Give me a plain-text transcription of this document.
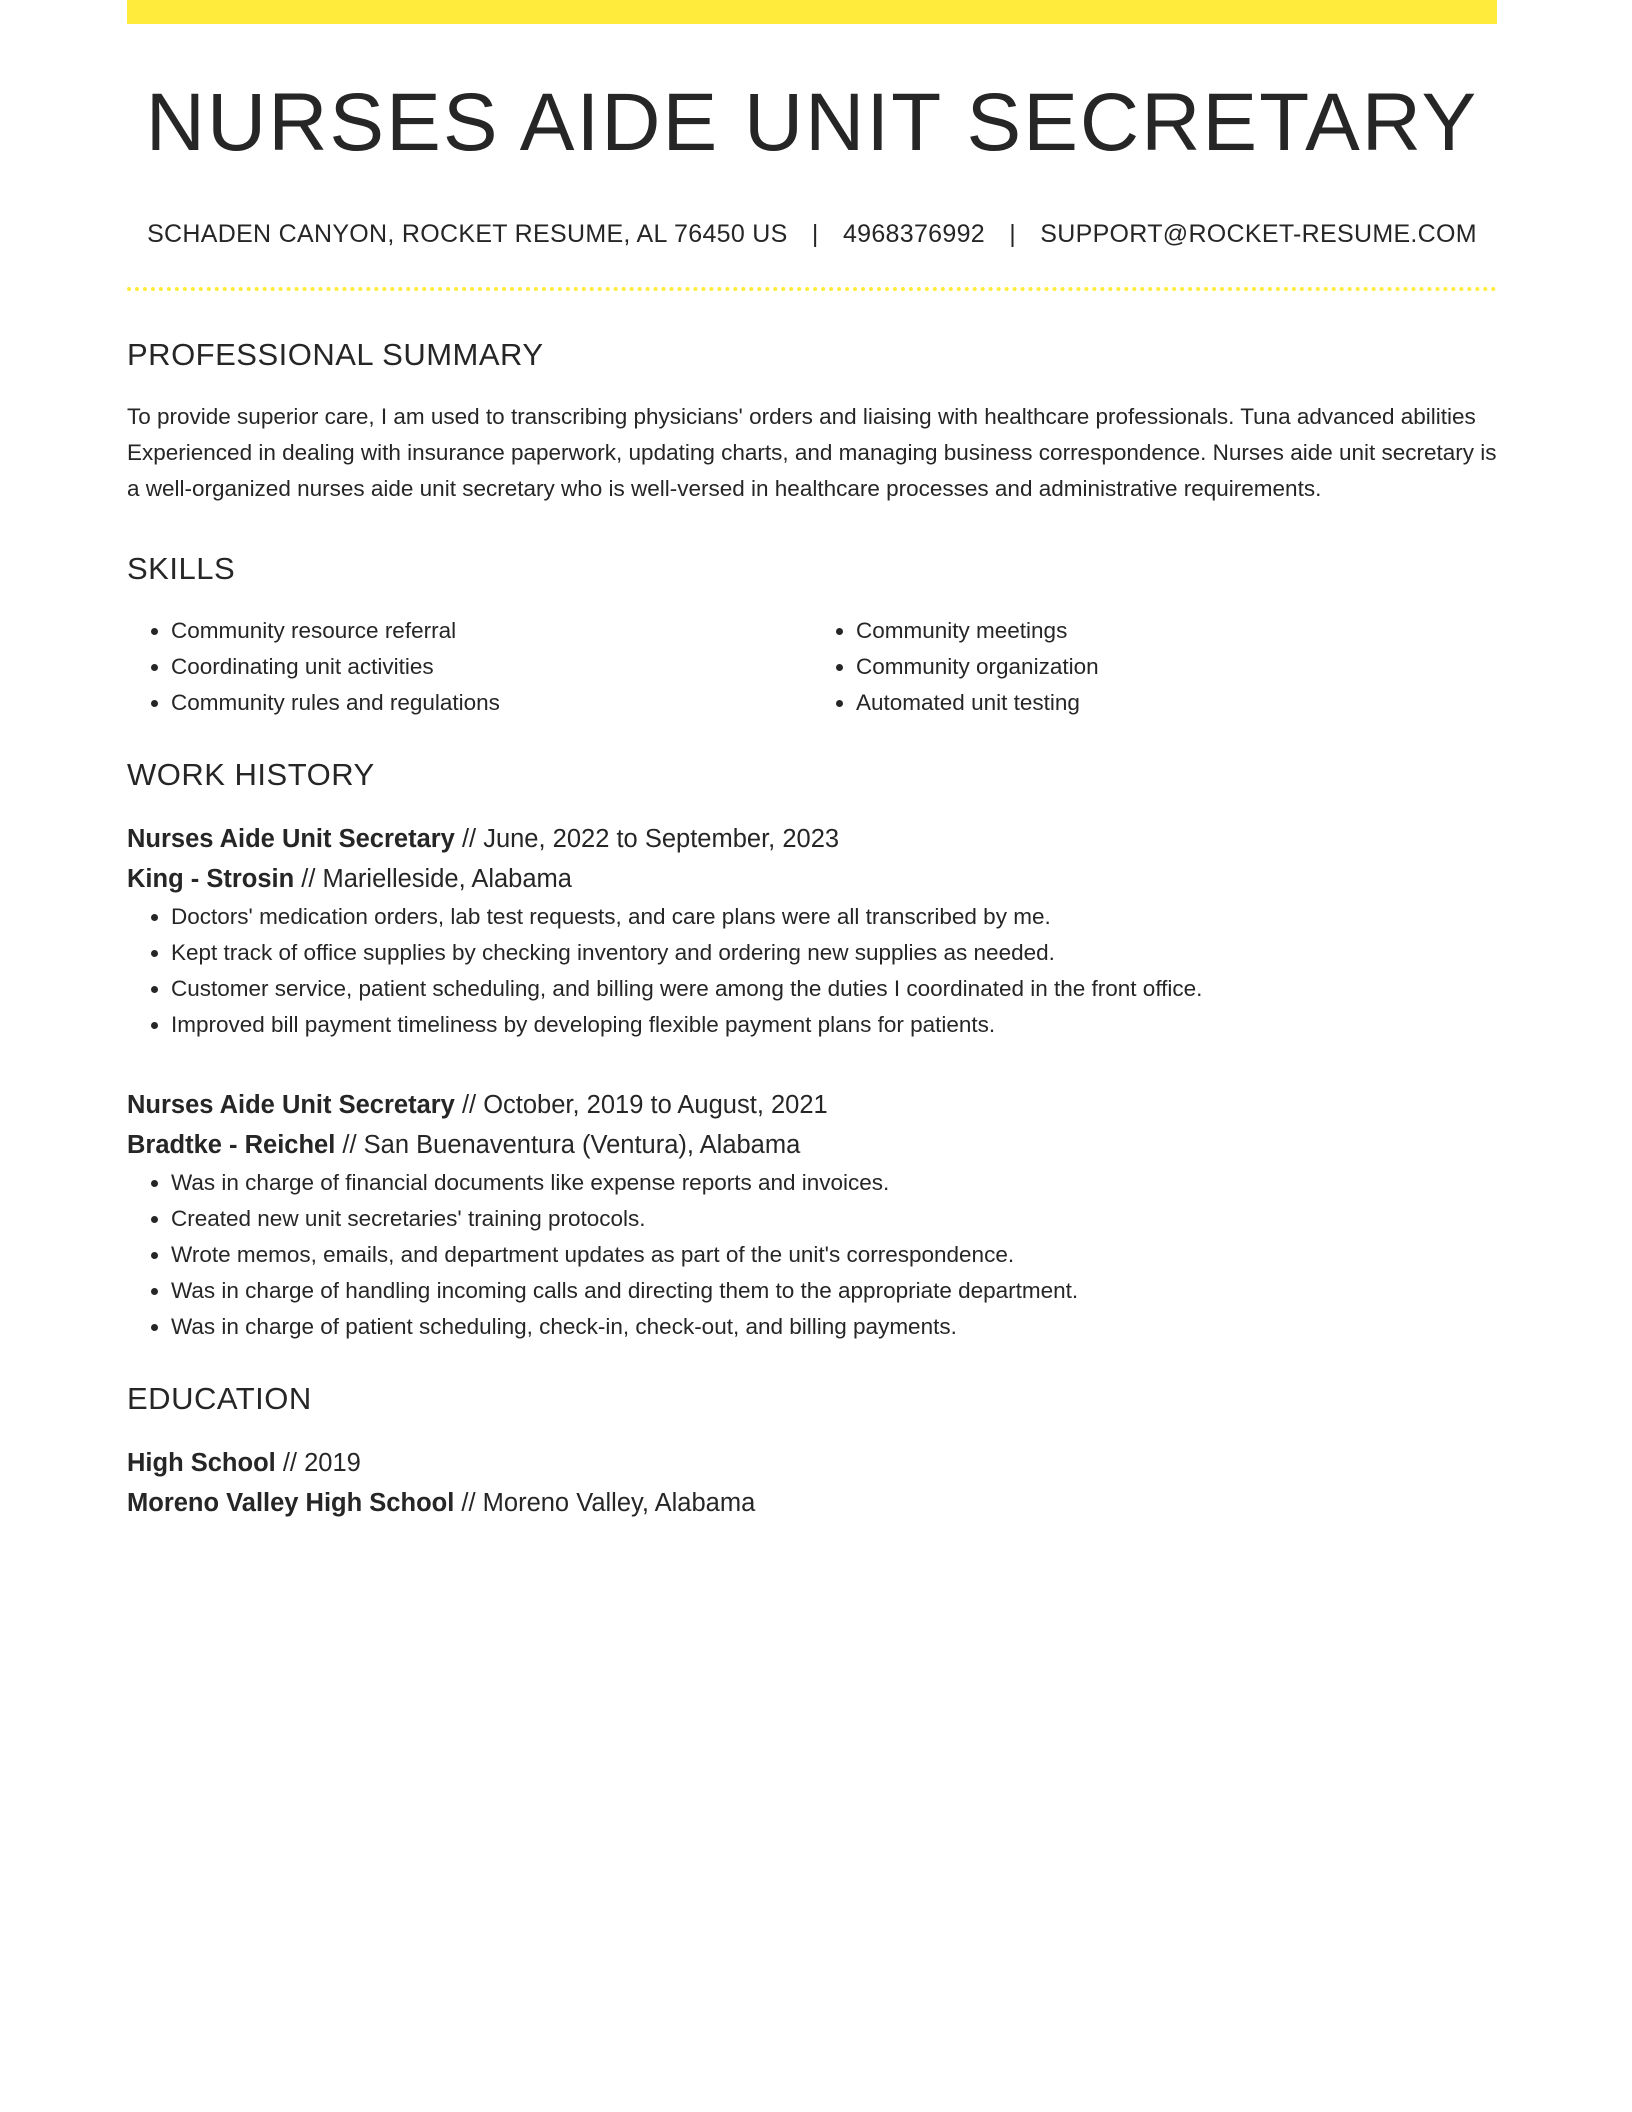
NURSES AIDE UNIT SECRETARY
SCHADEN CANYON, ROCKET RESUME, AL 76450 US | 4968376992 | SUPPORT@ROCKET-RESUME.COM
PROFESSIONAL SUMMARY
To provide superior care, I am used to transcribing physicians' orders and liaising with healthcare professionals. Tuna advanced abilities Experienced in dealing with insurance paperwork, updating charts, and managing business correspondence. Nurses aide unit secretary is a well-organized nurses aide unit secretary who is well-versed in healthcare processes and administrative requirements.
SKILLS
• Community resource referral
• Coordinating unit activities
• Community rules and regulations
• Community meetings
• Community organization
• Automated unit testing
WORK HISTORY
Nurses Aide Unit Secretary // June, 2022 to September, 2023
King - Strosin // Marielleside, Alabama
• Doctors' medication orders, lab test requests, and care plans were all transcribed by me.
• Kept track of office supplies by checking inventory and ordering new supplies as needed.
• Customer service, patient scheduling, and billing were among the duties I coordinated in the front office.
• Improved bill payment timeliness by developing flexible payment plans for patients.
Nurses Aide Unit Secretary // October, 2019 to August, 2021
Bradtke - Reichel // San Buenaventura (Ventura), Alabama
• Was in charge of financial documents like expense reports and invoices.
• Created new unit secretaries' training protocols.
• Wrote memos, emails, and department updates as part of the unit's correspondence.
• Was in charge of handling incoming calls and directing them to the appropriate department.
• Was in charge of patient scheduling, check-in, check-out, and billing payments.
EDUCATION
High School // 2019
Moreno Valley High School // Moreno Valley, Alabama
